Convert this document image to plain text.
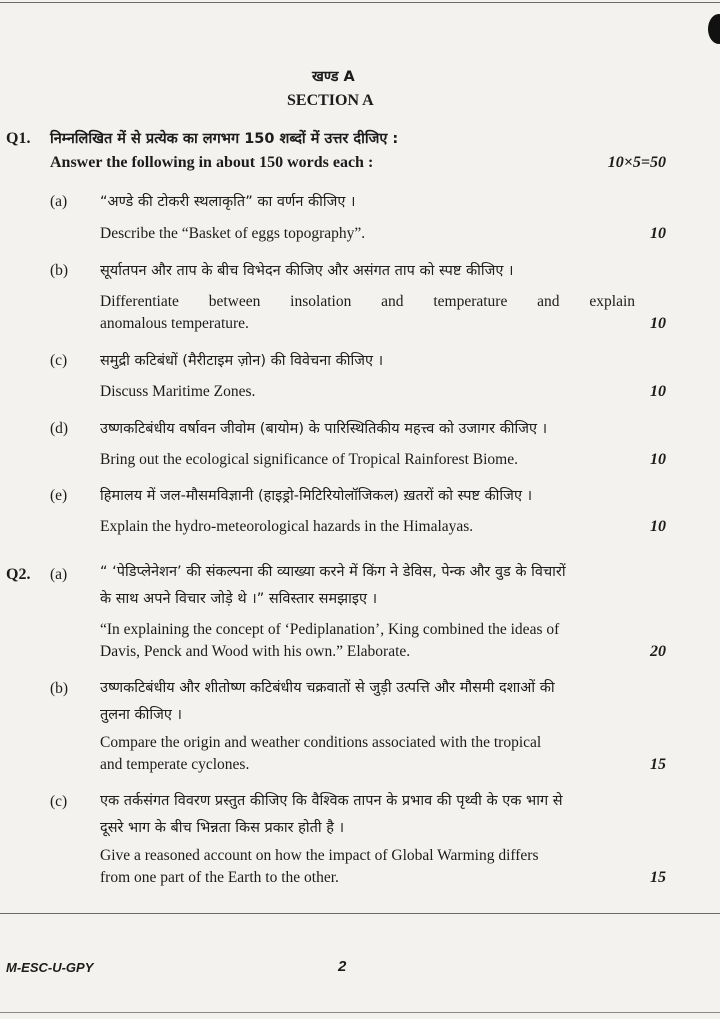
खण्ड A
SECTION A
Q1. निम्नलिखित में से प्रत्येक का लगभग 150 शब्दों में उत्तर दीजिए :
Answer the following in about 150 words each :	10×5=50
(a) “अण्डे की टोकरी स्थलाकृति” का वर्णन कीजिए ।
Describe the “Basket of eggs topography”.	10
(b) सूर्यातपन और ताप के बीच विभेदन कीजिए और असंगत ताप को स्पष्ट कीजिए ।
Differentiate between insolation and temperature and explain
anomalous temperature.	10
(c) समुद्री कटिबंधों (मैरीटाइम ज़ोन) की विवेचना कीजिए ।
Discuss Maritime Zones.	10
(d) उष्णकटिबंधीय वर्षावन जीवोम (बायोम) के पारिस्थितिकीय महत्त्व को उजागर कीजिए ।
Bring out the ecological significance of Tropical Rainforest Biome.	10
(e) हिमालय में जल-मौसमविज्ञानी (हाइड्रो-मिटिरियोलॉजिकल) ख़तरों को स्पष्ट कीजिए ।
Explain the hydro-meteorological hazards in the Himalayas.	10
Q2. (a) “ ‘पेडिप्लेनेशन’ की संकल्पना की व्याख्या करने में किंग ने डेविस, पेन्क और वुड के विचारों
के साथ अपने विचार जोड़े थे ।” सविस्तार समझाइए ।
“In explaining the concept of ‘Pediplanation’, King combined the ideas of
Davis, Penck and Wood with his own.” Elaborate.	20
(b) उष्णकटिबंधीय और शीतोष्ण कटिबंधीय चक्रवातों से जुड़ी उत्पत्ति और मौसमी दशाओं की
तुलना कीजिए ।
Compare the origin and weather conditions associated with the tropical
and temperate cyclones.	15
(c) एक तर्कसंगत विवरण प्रस्तुत कीजिए कि वैश्विक तापन के प्रभाव की पृथ्वी के एक भाग से
दूसरे भाग के बीच भिन्नता किस प्रकार होती है ।
Give a reasoned account on how the impact of Global Warming differs
from one part of the Earth to the other.	15
M-ESC-U-GPY	2
